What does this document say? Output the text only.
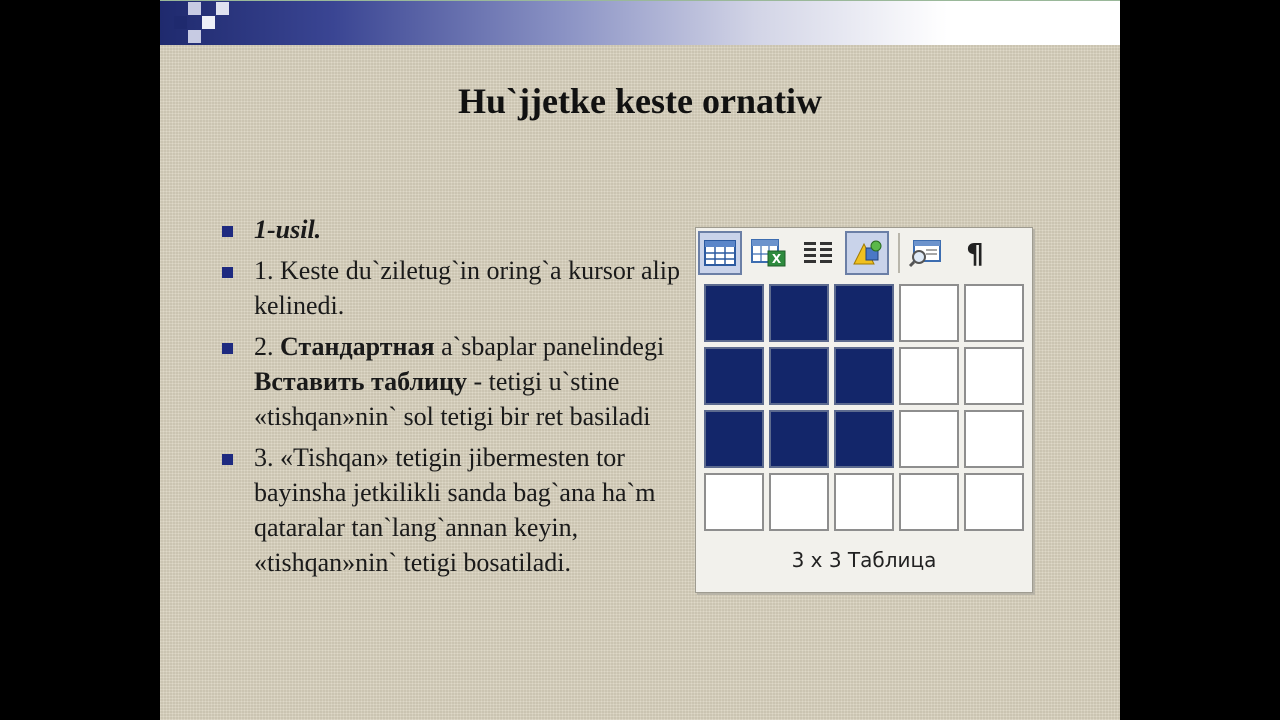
Hu`jjetke keste ornatiw
1-usil.
1. Keste du`ziletug`in oring`a kursor alip kelinedi.
2. Стандартная a`sbaplar panelindegi Вставить таблицу - tetigi u`stine «tishqan»nin` sol tetigi bir ret basiladi
3. «Tishqan» tetigin jibermesten tor bayinsha jetkilikli sanda bag`ana ha`m qataralar tan`lang`annan keyin, «tishqan»nin` tetigi bosatiladi.
X	¶
3 x 3 Таблица
